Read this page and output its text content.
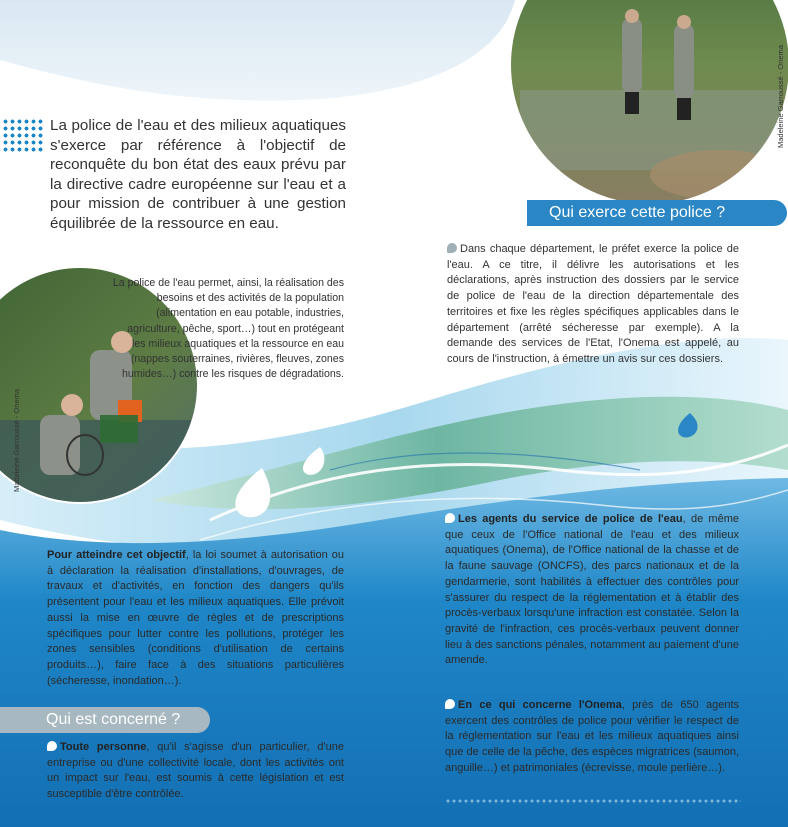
Madeleine Garroussé - Onema
Madeleine Garroussé - Onema
La police de l'eau et des milieux aquatiques s'exerce par référence à l'objectif de reconquête du bon état des eaux prévu par la directive cadre européenne sur l'eau et a pour mission de contribuer à une gestion équilibrée de la ressource en eau.
La police de l'eau permet, ainsi, la réalisation des besoins et des activités de la population (alimentation en eau potable, industries, agriculture, pêche, sport…) tout en protégeant les milieux aquatiques et la ressource en eau (nappes souterraines, rivières, fleuves, zones humides…) contre les risques de dégradations.
Qui exerce cette police ?
Dans chaque département, le préfet exerce la police de l'eau. A ce titre, il délivre les autorisations et les déclarations, après instruction des dossiers par le service de police de l'eau de la direction départementale des territoires et fixe les règles spécifiques applicables dans le département (arrêté sécheresse par exemple). A la demande des services de l'Etat, l'Onema est appelé, au cours de l'instruction, à émettre un avis sur ces dossiers.
Les agents du service de police de l'eau, de même que ceux de l'Office national de l'eau et des milieux aquatiques (Onema), de l'Office national de la chasse et de la faune sauvage (ONCFS), des parcs nationaux et de la gendarmerie, sont habilités à effectuer des contrôles pour s'assurer du respect de la réglementation et à établir des procès-verbaux lorsqu'une infraction est constatée. Selon la gravité de l'infraction, ces procès-verbaux peuvent donner lieu à des sanctions pénales, notamment au paiement d'une amende.
En ce qui concerne l'Onema, près de 650 agents exercent des contrôles de police pour vérifier le respect de la réglementation sur l'eau et les milieux aquatiques ainsi que de celle de la pêche, des espèces migratrices (saumon, anguille…) et patrimoniales (écrevisse, moule perlière…).
Pour atteindre cet objectif, la loi soumet à autorisation ou à déclaration la réalisation d'installations, d'ouvrages, de travaux et d'activités, en fonction des dangers qu'ils présentent pour l'eau et les milieux aquatiques. Elle prévoit aussi la mise en œuvre de règles et de prescriptions spécifiques pour lutter contre les pollutions, protéger les zones sensibles (conditions d'utilisation de certains produits…), faire face à des situations particulières (sécheresse, inondation…).
Qui est concerné ?
Toute personne, qu'il s'agisse d'un particulier, d'une entreprise ou d'une collectivité locale, dont les activités ont un impact sur l'eau, est soumis à cette législation et est susceptible d'être contrôlée.
